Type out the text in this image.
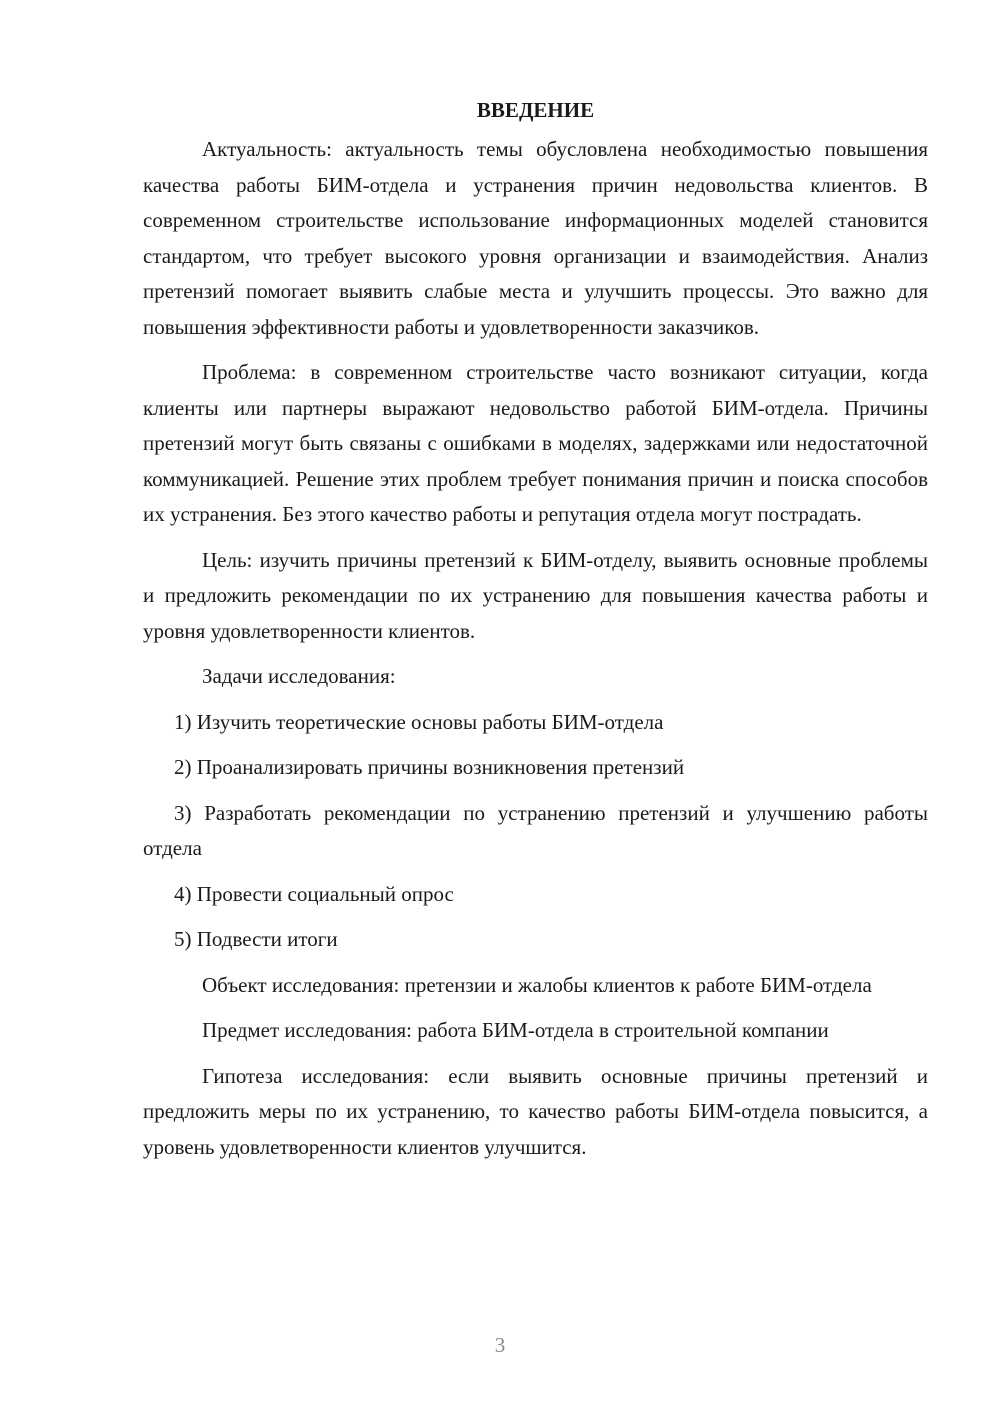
ВВЕДЕНИЕ

Актуальность: актуальность темы обусловлена необходимостью повышения качества работы БИМ-отдела и устранения причин недовольства клиентов. В современном строительстве использование информационных моделей становится стандартом, что требует высокого уровня организации и взаимодействия. Анализ претензий помогает выявить слабые места и улучшить процессы. Это важно для повышения эффективности работы и удовлетворенности заказчиков.

Проблема: в современном строительстве часто возникают ситуации, когда клиенты или партнеры выражают недовольство работой БИМ-отдела. Причины претензий могут быть связаны с ошибками в моделях, задержками или недостаточной коммуникацией. Решение этих проблем требует понимания причин и поиска способов их устранения. Без этого качество работы и репутация отдела могут пострадать.

Цель: изучить причины претензий к БИМ-отделу, выявить основные проблемы и предложить рекомендации по их устранению для повышения качества работы и уровня удовлетворенности клиентов.

Задачи исследования:

1) Изучить теоретические основы работы БИМ-отдела

2) Проанализировать причины возникновения претензий

3) Разработать рекомендации по устранению претензий и улучшению работы отдела

4) Провести социальный опрос

5) Подвести итоги

Объект исследования: претензии и жалобы клиентов к работе БИМ-отдела

Предмет исследования: работа БИМ-отдела в строительной компании

Гипотеза исследования: если выявить основные причины претензий и предложить меры по их устранению, то качество работы БИМ-отдела повысится, а уровень удовлетворенности клиентов улучшится.

3
